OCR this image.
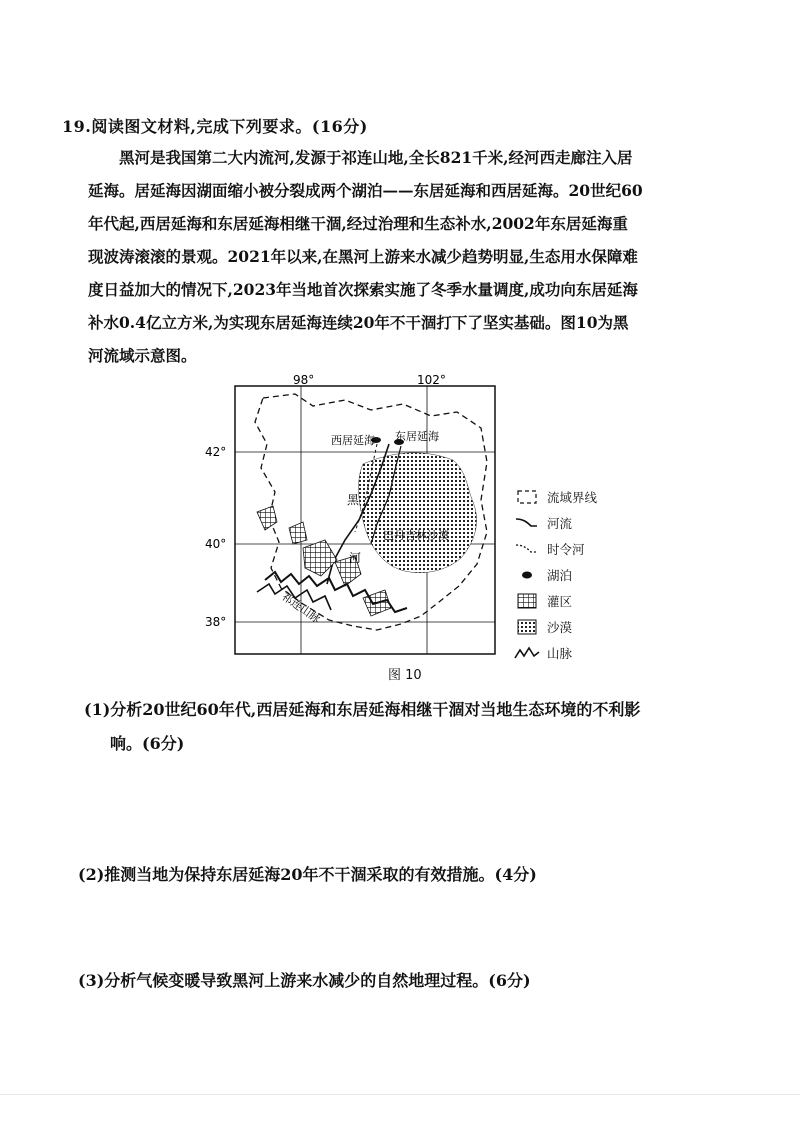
19.阅读图文材料,完成下列要求。(16分)
黑河是我国第二大内流河,发源于祁连山地,全长821千米,经河西走廊注入居
延海。居延海因湖面缩小被分裂成两个湖泊——东居延海和西居延海。20世纪60
年代起,西居延海和东居延海相继干涸,经过治理和生态补水,2002年东居延海重
现波涛滚滚的景观。2021年以来,在黑河上游来水减少趋势明显,生态用水保障难
度日益加大的情况下,2023年当地首次探索实施了冬季水量调度,成功向东居延海
补水0.4亿立方米,为实现东居延海连续20年不干涸打下了坚实基础。图10为黑
河流域示意图。
98°	102°
42°
40°
38°
西居延海 东居延海
巴丹吉林沙漠
黑
河
祁连山脉
流域界线
河流
时令河
湖泊
灌区
沙漠
山脉
图 10
(1)分析20世纪60年代,西居延海和东居延海相继干涸对当地生态环境的不利影
响。(6分)
(2)推测当地为保持东居延海20年不干涸采取的有效措施。(4分)
(3)分析气候变暖导致黑河上游来水减少的自然地理过程。(6分)
